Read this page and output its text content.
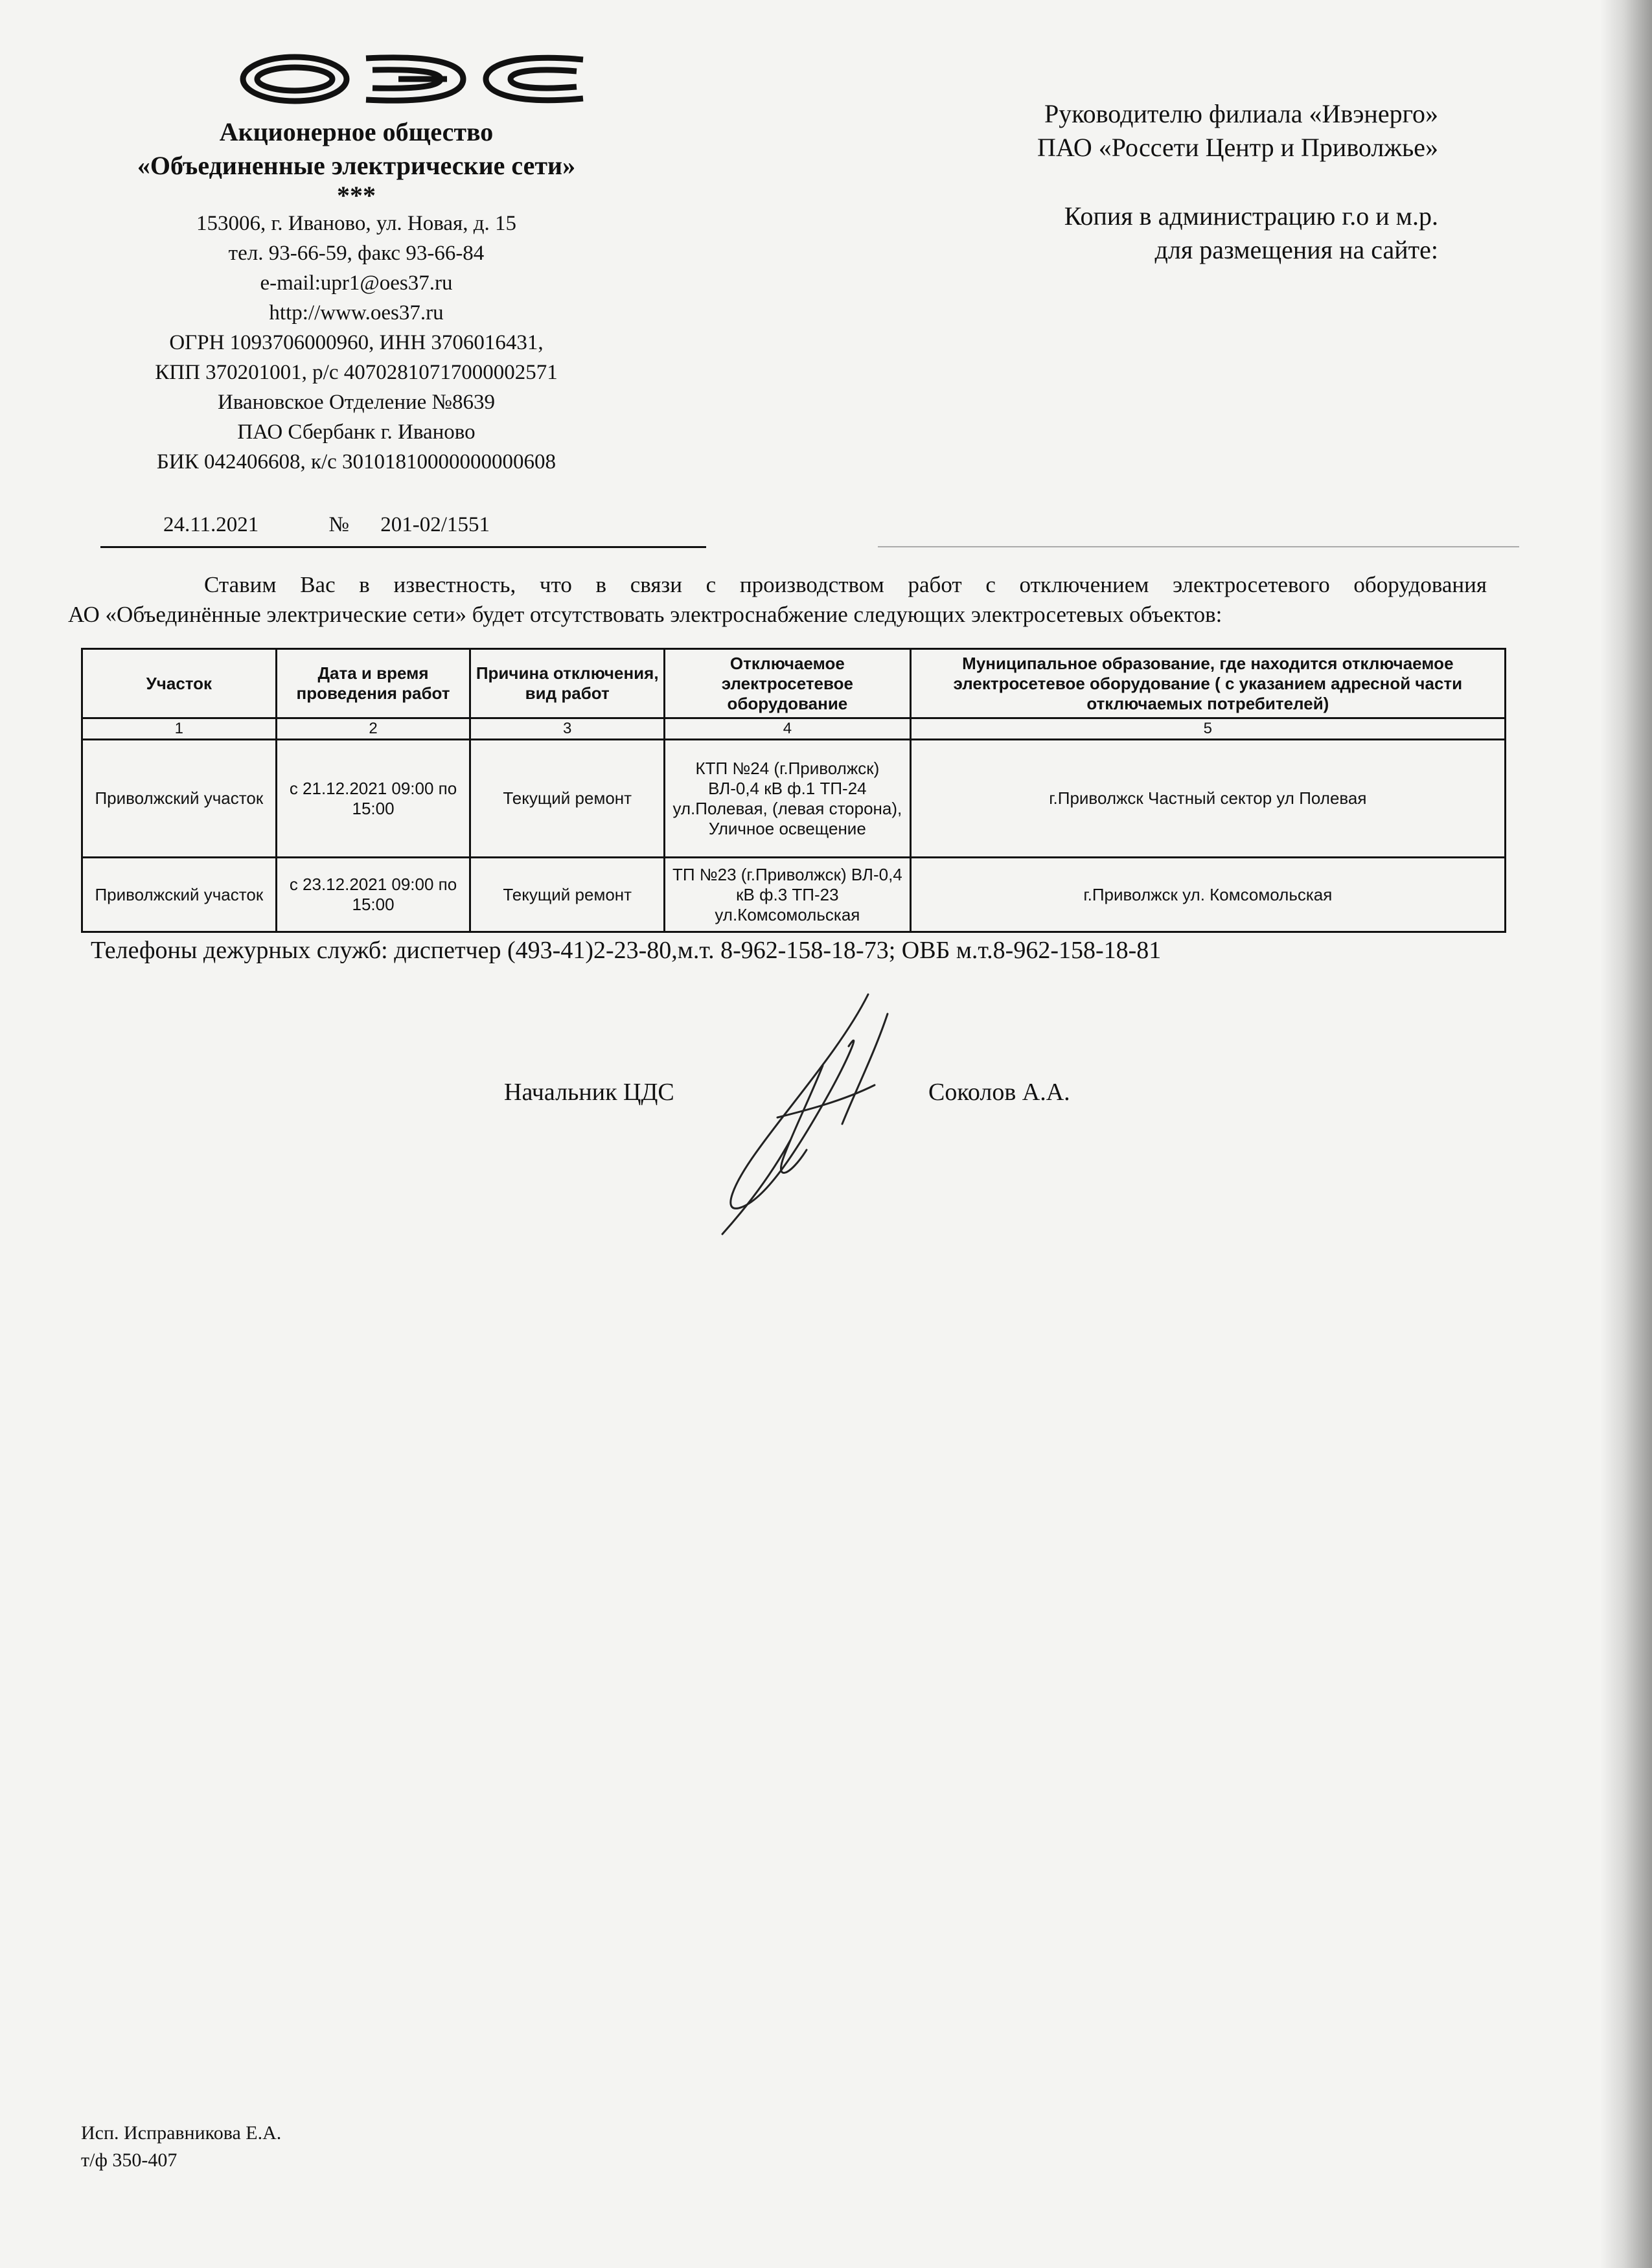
Акционерное общество
«Объединенные электрические сети»
***
153006, г. Иваново, ул. Новая, д. 15
тел. 93-66-59, факс 93-66-84
e-mail:upr1@oes37.ru
http://www.oes37.ru
ОГРН 1093706000960, ИНН 3706016431,
КПП 370201001, р/с 40702810717000002571
Ивановское Отделение №8639
ПАО Сбербанк г. Иваново
БИК 042406608, к/с 30101810000000000608
Руководителю филиала «Ивэнерго»
ПАО «Россети Центр и Приволжье»
Копия в администрацию г.о и м.р.
для размещения на сайте:
24.11.2021	№ 201-02/1551
Ставим Вас в известность, что в связи с производством работ с отключением электросетевого оборудования
АО «Объединённые электрические сети» будет отсутствовать электроснабжение следующих электросетевых объектов:
Участок	Дата и время проведения работ	Причина отключения, вид работ	Отключаемое электросетевое оборудование	Муниципальное образование, где находится отключаемое электросетевое оборудование ( с указанием адресной части отключаемых потребителей)
1	2	3	4	5
Приволжский участок	с 21.12.2021 09:00 по 15:00	Текущий ремонт	КТП №24 (г.Приволжск) ВЛ-0,4 кВ ф.1 ТП-24 ул.Полевая, (левая сторона), Уличное освещение	г.Приволжск Частный сектор ул Полевая
Приволжский участок	с 23.12.2021 09:00 по 15:00	Текущий ремонт	ТП №23 (г.Приволжск) ВЛ-0,4 кВ ф.3 ТП-23 ул.Комсомольская	г.Приволжск ул. Комсомольская
Телефоны дежурных служб: диспетчер (493-41)2-23-80,м.т. 8-962-158-18-73; ОВБ м.т.8-962-158-18-81
Начальник ЦДС	Соколов А.А.
Исп. Исправникова Е.А.
т/ф 350-407
